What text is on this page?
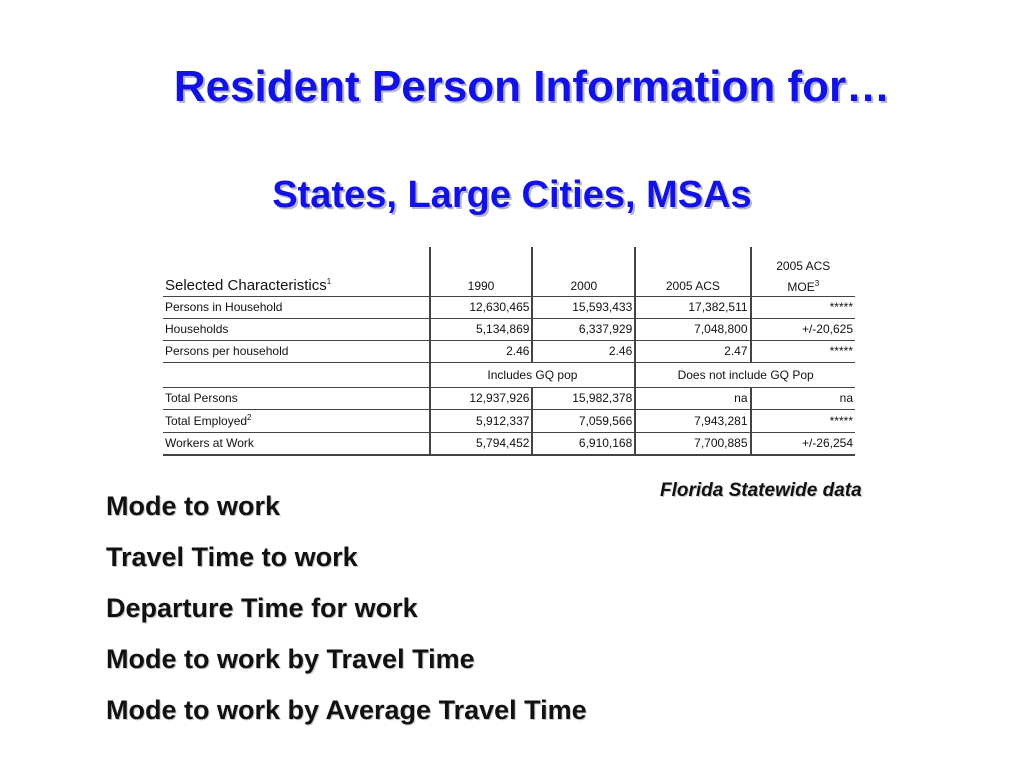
Resident Person Information for…
States, Large Cities, MSAs
Selected Characteristics$^1$	1990	2000	2005 ACS	2005 ACS
MOE$^3$
Persons in Household	12,630,465	15,593,433	17,382,511	*****
Households	5,134,869	6,337,929	7,048,800	+/-20,625
Persons per household	2.46	2.46	2.47	*****
	Includes GQ pop		Does not include GQ Pop	
Total Persons	12,937,926	15,982,378	na	na
Total Employed$^2$	5,912,337	7,059,566	7,943,281	*****
Workers at Work	5,794,452	6,910,168	7,700,885	+/-26,254
Florida Statewide data
Mode to work
Travel Time to work
Departure Time for work
Mode to work by Travel Time
Mode to work by Average Travel Time
